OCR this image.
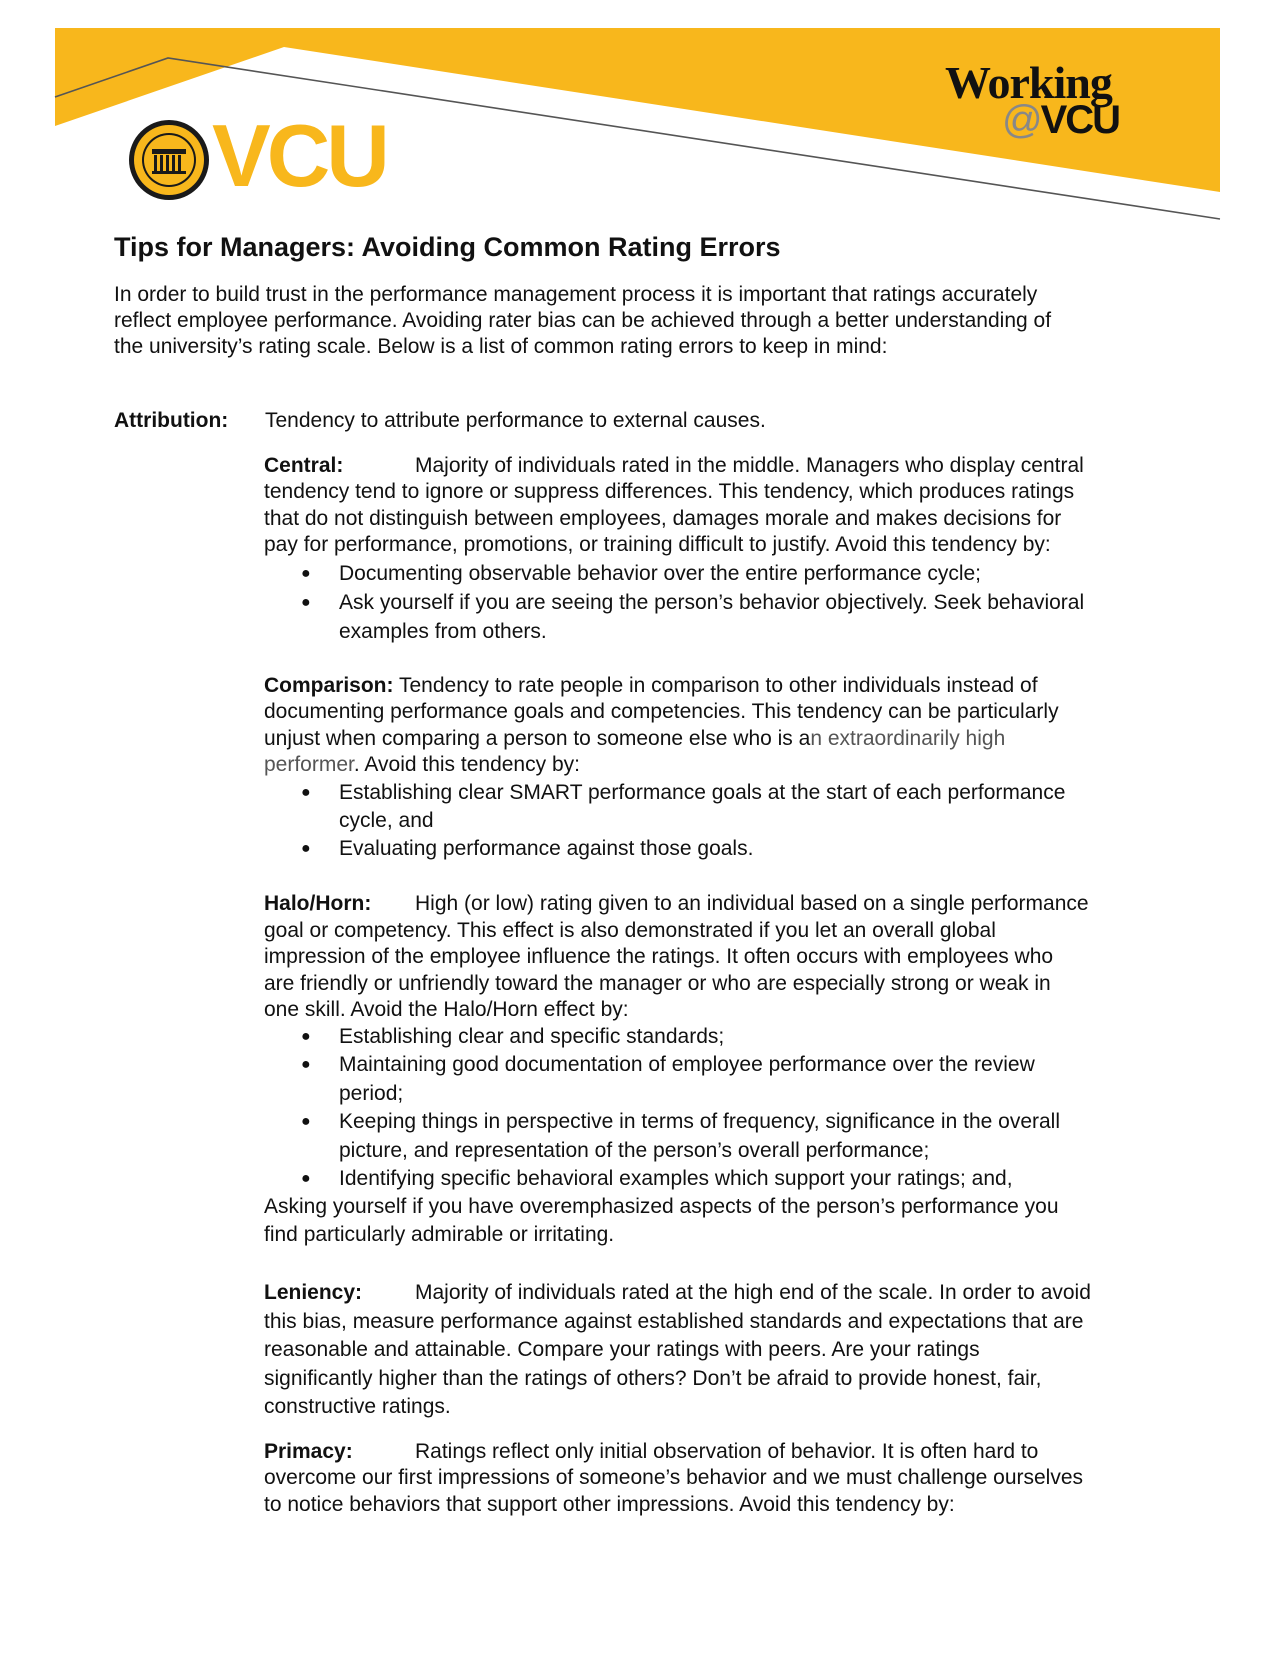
VCU
Working
@VCU
Tips for Managers: Avoiding Common Rating Errors
In order to build trust in the performance management process it is important that ratings accurately
reflect employee performance. Avoiding rater bias can be achieved through a better understanding of
the university’s rating scale. Below is a list of common rating errors to keep in mind:
Attribution: Tendency to attribute performance to external causes.
Central:	Majority of individuals rated in the middle. Managers who display central
tendency tend to ignore or suppress differences. This tendency, which produces ratings
that do not distinguish between employees, damages morale and makes decisions for
pay for performance, promotions, or training difficult to justify. Avoid this tendency by:
● Documenting observable behavior over the entire performance cycle;
● Ask yourself if you are seeing the person’s behavior objectively. Seek behavioral
examples from others.
Comparison: Tendency to rate people in comparison to other individuals instead of
documenting performance goals and competencies. This tendency can be particularly
unjust when comparing a person to someone else who is an extraordinarily high
performer. Avoid this tendency by:
● Establishing clear SMART performance goals at the start of each performance
cycle, and
● Evaluating performance against those goals.
Halo/Horn: High (or low) rating given to an individual based on a single performance
goal or competency. This effect is also demonstrated if you let an overall global
impression of the employee influence the ratings. It often occurs with employees who
are friendly or unfriendly toward the manager or who are especially strong or weak in
one skill. Avoid the Halo/Horn effect by:
● Establishing clear and specific standards;
● Maintaining good documentation of employee performance over the review
period;
● Keeping things in perspective in terms of frequency, significance in the overall
picture, and representation of the person’s overall performance;
● Identifying specific behavioral examples which support your ratings; and,
Asking yourself if you have overemphasized aspects of the person’s performance you
find particularly admirable or irritating.
Leniency:	Majority of individuals rated at the high end of the scale. In order to avoid
this bias, measure performance against established standards and expectations that are
reasonable and attainable. Compare your ratings with peers. Are your ratings
significantly higher than the ratings of others? Don’t be afraid to provide honest, fair,
constructive ratings.
Primacy:	Ratings reflect only initial observation of behavior. It is often hard to
overcome our first impressions of someone’s behavior and we must challenge ourselves
to notice behaviors that support other impressions. Avoid this tendency by:
